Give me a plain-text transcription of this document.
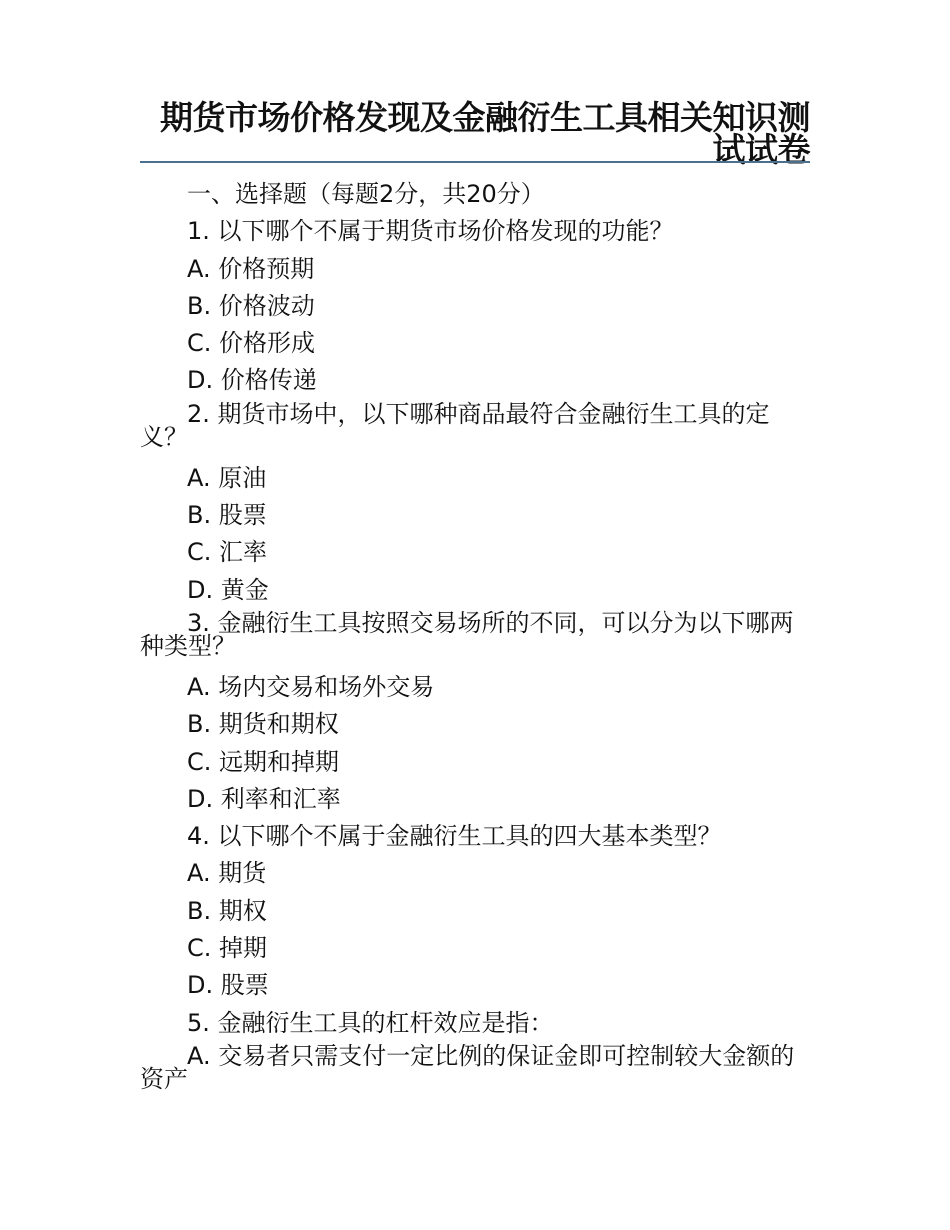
期货市场价格发现及金融衍生工具相关知识测试试卷

一、选择题（每题2分，共20分）

1. 以下哪个不属于期货市场价格发现的功能？

A. 价格预期

B. 价格波动

C. 价格形成

D. 价格传递

2. 期货市场中，以下哪种商品最符合金融衍生工具的定义？

A. 原油

B. 股票

C. 汇率

D. 黄金

3. 金融衍生工具按照交易场所的不同，可以分为以下哪两种类型？

A. 场内交易和场外交易

B. 期货和期权

C. 远期和掉期

D. 利率和汇率

4. 以下哪个不属于金融衍生工具的四大基本类型？

A. 期货

B. 期权

C. 掉期

D. 股票

5. 金融衍生工具的杠杆效应是指：

A. 交易者只需支付一定比例的保证金即可控制较大金额的资产
